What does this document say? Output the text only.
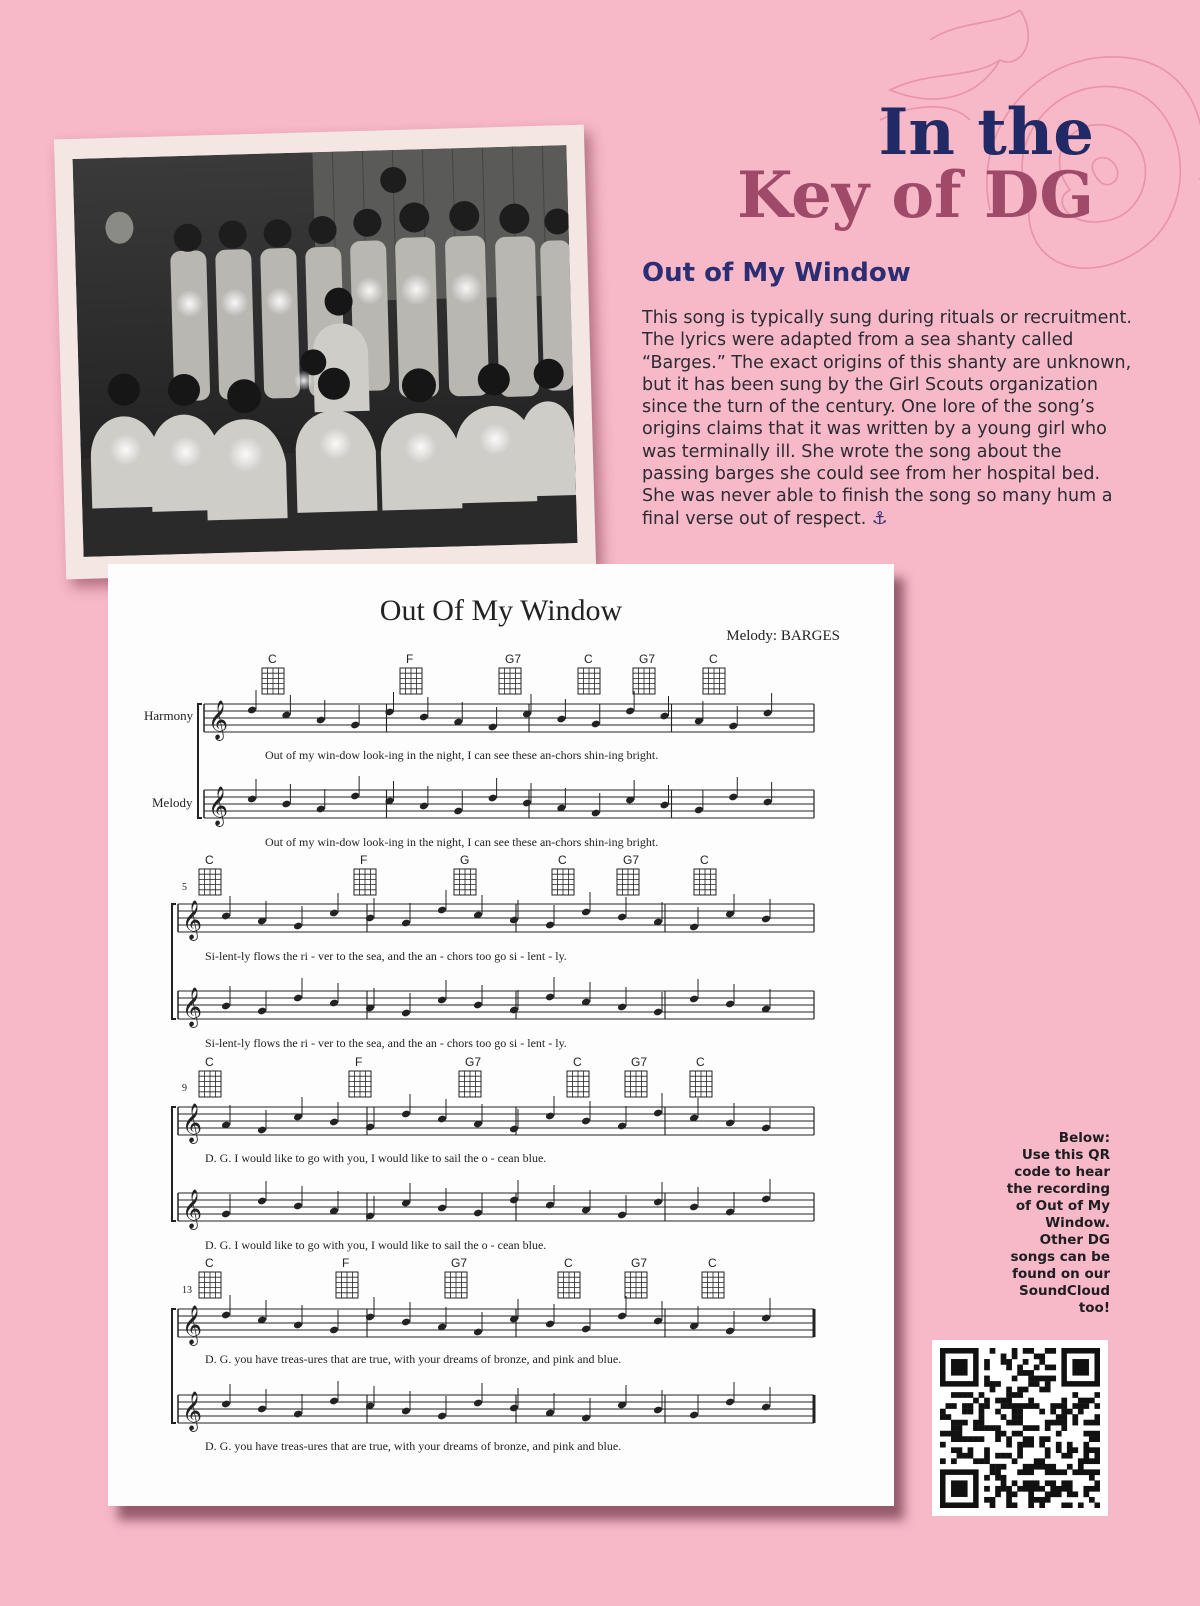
In the
Key of DG
Out of My Window

This song is typically sung during rituals or recruitment. The lyrics were adapted from a sea shanty called “Barges.” The exact origins of this shanty are unknown, but it has been sung by the Girl Scouts organization since the turn of the century. One lore of the song’s origins claims that it was written by a young girl who was terminally ill. She wrote the song about the passing barges she could see from her hospital bed. She was never able to finish the song so many hum a final verse out of respect. ⚓

𝄞
𝄞
𝄞
𝄞
𝄞
𝄞
𝄞
𝄞
Out Of My Window
Melody: BARGES
Harmony
Melody
5
9
13
C	F	G7	C	G7	C
Out of my win-dow look-ing in the night, I can see these an-chors shin-ing bright.
Out of my win-dow look-ing in the night, I can see these an-chors shin-ing bright.
C	F	G	C	G7	C
Si-lent-ly flows the ri - ver to the sea, and the an - chors too go si - lent - ly.
Si-lent-ly flows the ri - ver to the sea, and the an - chors too go si - lent - ly.
C	F	G7	C	G7	C
D. G. I would like to go with you, I would like to sail the o - cean blue.
D. G. I would like to go with you, I would like to sail the o - cean blue.
C	F	G7	C	G7	C
D. G. you have treas-ures that are true, with your dreams of bronze, and pink and blue.
D. G. you have treas-ures that are true, with your dreams of bronze, and pink and blue.
Below:
Use this QR
code to hear
the recording
of Out of My
Window.
Other DG
songs can be
found on our
SoundCloud
too!
